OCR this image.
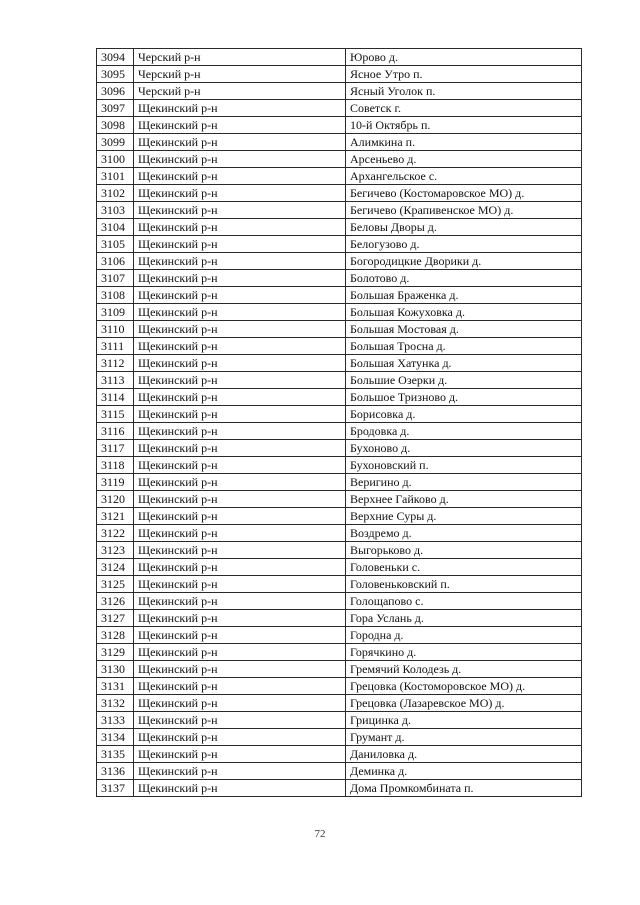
3094	Черский р-н	Юрово д.
3095	Черский р-н	Ясное Утро п.
3096	Черский р-н	Ясный Уголок п.
3097	Щекинский р-н	Советск г.
3098	Щекинский р-н	10-й Октябрь п.
3099	Щекинский р-н	Алимкина п.
3100	Щекинский р-н	Арсеньево д.
3101	Щекинский р-н	Архангельское с.
3102	Щекинский р-н	Бегичево (Костомаровское МО) д.
3103	Щекинский р-н	Бегичево (Крапивенское МО) д.
3104	Щекинский р-н	Беловы Дворы д.
3105	Щекинский р-н	Белогузово д.
3106	Щекинский р-н	Богородицкие Дворики д.
3107	Щекинский р-н	Болотово д.
3108	Щекинский р-н	Большая Браженка д.
3109	Щекинский р-н	Большая Кожуховка д.
3110	Щекинский р-н	Большая Мостовая д.
3111	Щекинский р-н	Большая Тросна д.
3112	Щекинский р-н	Большая Хатунка д.
3113	Щекинский р-н	Большие Озерки д.
3114	Щекинский р-н	Большое Тризново д.
3115	Щекинский р-н	Борисовка д.
3116	Щекинский р-н	Бродовка д.
3117	Щекинский р-н	Бухоново д.
3118	Щекинский р-н	Бухоновский п.
3119	Щекинский р-н	Веригино д.
3120	Щекинский р-н	Верхнее Гайково д.
3121	Щекинский р-н	Верхние Суры д.
3122	Щекинский р-н	Воздремо д.
3123	Щекинский р-н	Выгорьково д.
3124	Щекинский р-н	Головеньки с.
3125	Щекинский р-н	Головеньковский п.
3126	Щекинский р-н	Голощапово с.
3127	Щекинский р-н	Гора Услань д.
3128	Щекинский р-н	Городна д.
3129	Щекинский р-н	Горячкино д.
3130	Щекинский р-н	Гремячий Колодезь д.
3131	Щекинский р-н	Грецовка (Костоморовское МО) д.
3132	Щекинский р-н	Грецовка (Лазаревское МО) д.
3133	Щекинский р-н	Грицинка д.
3134	Щекинский р-н	Грумант д.
3135	Щекинский р-н	Даниловка д.
3136	Щекинский р-н	Деминка д.
3137	Щекинский р-н	Дома Промкомбината п.
72
